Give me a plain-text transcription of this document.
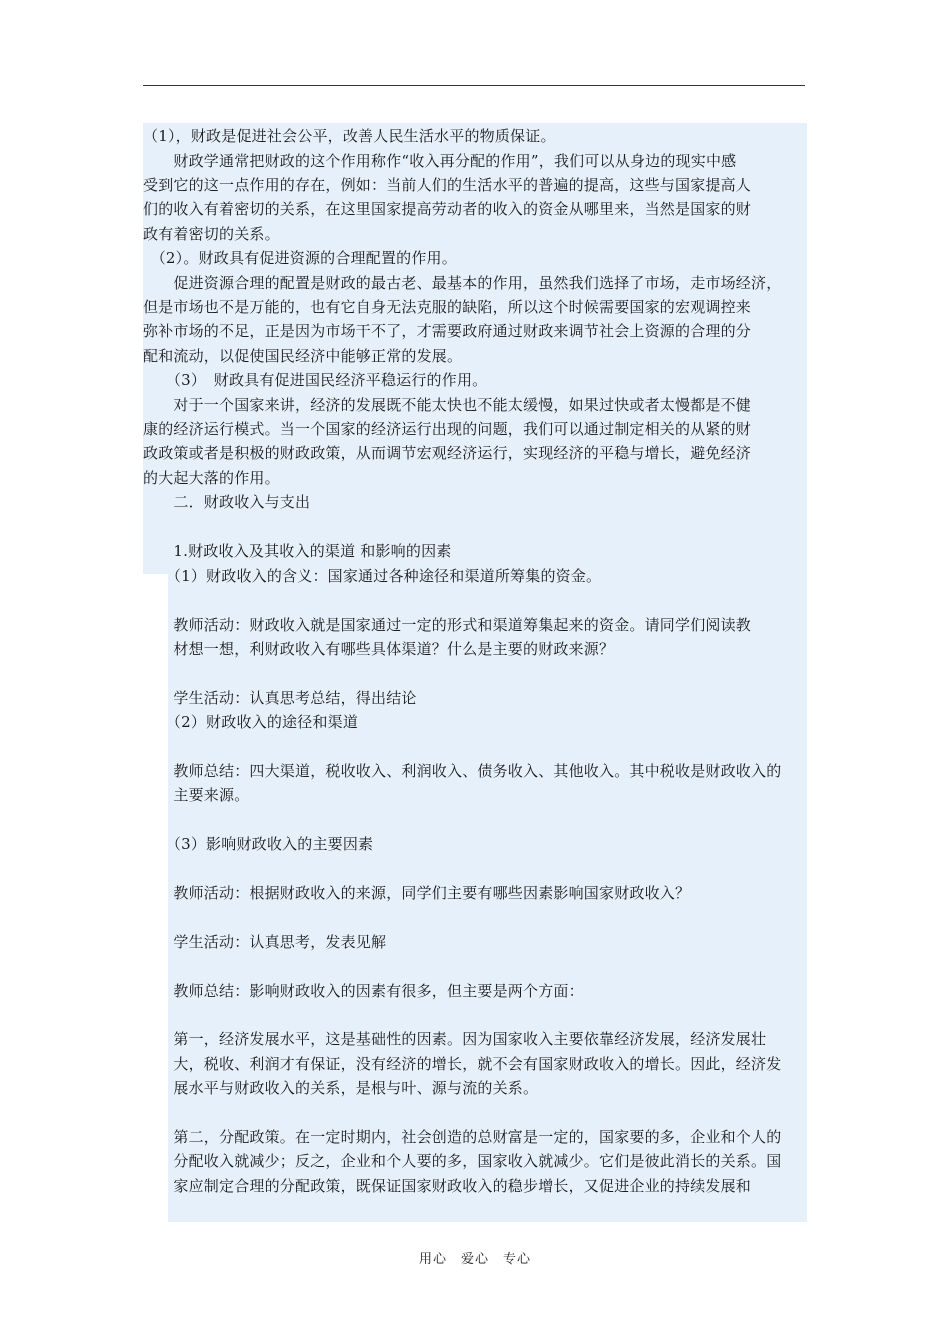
（1），财政是促进社会公平，改善人民生活水平的物质保证。
　　财政学通常把财政的这个作用称作“收入再分配的作用”，我们可以从身边的现实中感
受到它的这一点作用的存在，例如：当前人们的生活水平的普遍的提高，这些与国家提高人
们的收入有着密切的关系，在这里国家提高劳动者的收入的资金从哪里来，当然是国家的财
政有着密切的关系。
　（2）。财政具有促进资源的合理配置的作用。
　　促进资源合理的配置是财政的最古老、最基本的作用，虽然我们选择了市场，走市场经济，
但是市场也不是万能的，也有它自身无法克服的缺陷，所以这个时候需要国家的宏观调控来
弥补市场的不足，正是因为市场干不了，才需要政府通过财政来调节社会上资源的合理的分
配和流动，以促使国民经济中能够正常的发展。
　　（3）　财政具有促进国民经济平稳运行的作用。
　　对于一个国家来讲，经济的发展既不能太快也不能太缓慢，如果过快或者太慢都是不健
康的经济运行模式。当一个国家的经济运行出现的问题，我们可以通过制定相关的从紧的财
政政策或者是积极的财政政策，从而调节宏观经济运行，实现经济的平稳与增长，避免经济
的大起大落的作用。
　　二．财政收入与支出
　　1.财政收入及其收入的渠道 和影响的因素
　　（1）财政收入的含义：国家通过各种途径和渠道所筹集的资金。
　　教师活动：财政收入就是国家通过一定的形式和渠道筹集起来的资金。请同学们阅读教
　　材想一想，利财政收入有哪些具体渠道？什么是主要的财政来源？
　　学生活动：认真思考总结，得出结论
　　（2）财政收入的途径和渠道
　　教师总结：四大渠道，税收收入、利润收入、债务收入、其他收入。其中税收是财政收入的
　　主要来源。
　　（3）影响财政收入的主要因素
　　教师活动：根据财政收入的来源，同学们主要有哪些因素影响国家财政收入？
　　学生活动：认真思考，发表见解
　　教师总结：影响财政收入的因素有很多，但主要是两个方面：
　　第一，经济发展水平，这是基础性的因素。因为国家收入主要依靠经济发展，经济发展壮
　　大，税收、利润才有保证，没有经济的增长，就不会有国家财政收入的增长。因此，经济发
　　展水平与财政收入的关系，是根与叶、源与流的关系。
　　第二，分配政策。在一定时期内，社会创造的总财富是一定的，国家要的多，企业和个人的
　　分配收入就减少；反之，企业和个人要的多，国家收入就减少。它们是彼此消长的关系。国
　　家应制定合理的分配政策，既保证国家财政收入的稳步增长，又促进企业的持续发展和
用心　爱心　专心
